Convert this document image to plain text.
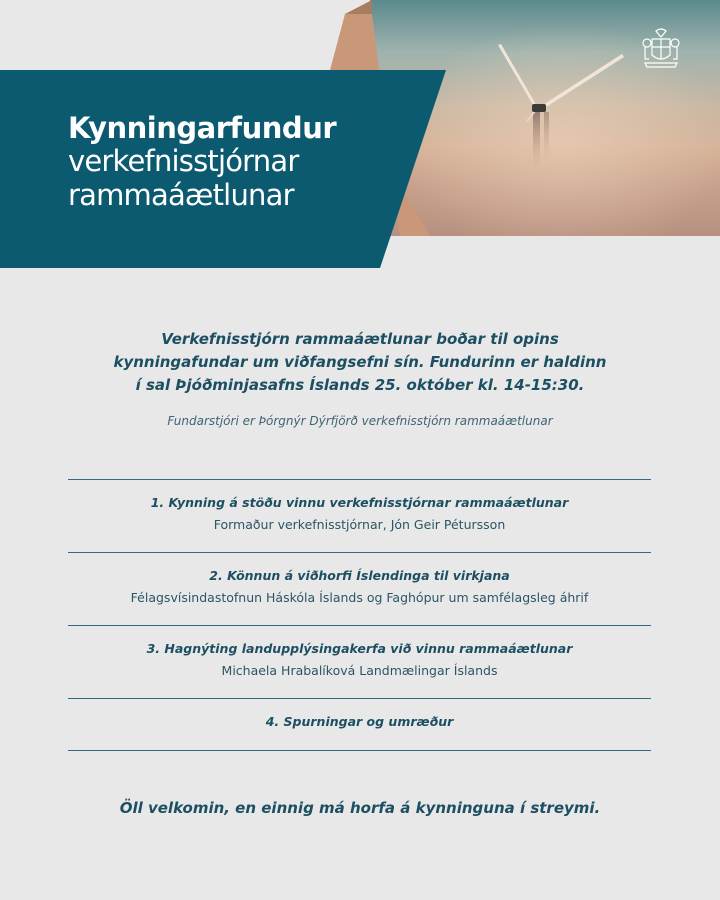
Kynningarfundur
verkefnisstjórnar
rammaáætlunar
Verkefnisstjórn rammaáætlunar boðar til opins
kynningafundar um viðfangsefni sín. Fundurinn er haldinn
í sal Þjóðminjasafns Íslands 25. október kl. 14-15:30.
Fundarstjóri er Þórgnýr Dýrfjörð verkefnisstjórn rammaáætlunar
1. Kynning á stöðu vinnu verkefnisstjórnar rammaáætlunar
Formaður verkefnisstjórnar, Jón Geir Pétursson
2. Könnun á viðhorfi Íslendinga til virkjana
Félagsvísindastofnun Háskóla Íslands og Faghópur um samfélagsleg áhrif
3. Hagnýting landupplýsingakerfa við vinnu rammaáætlunar
Michaela Hrabalíková Landmælingar Íslands
4. Spurningar og umræður
Öll velkomin, en einnig má horfa á kynninguna í streymi.
